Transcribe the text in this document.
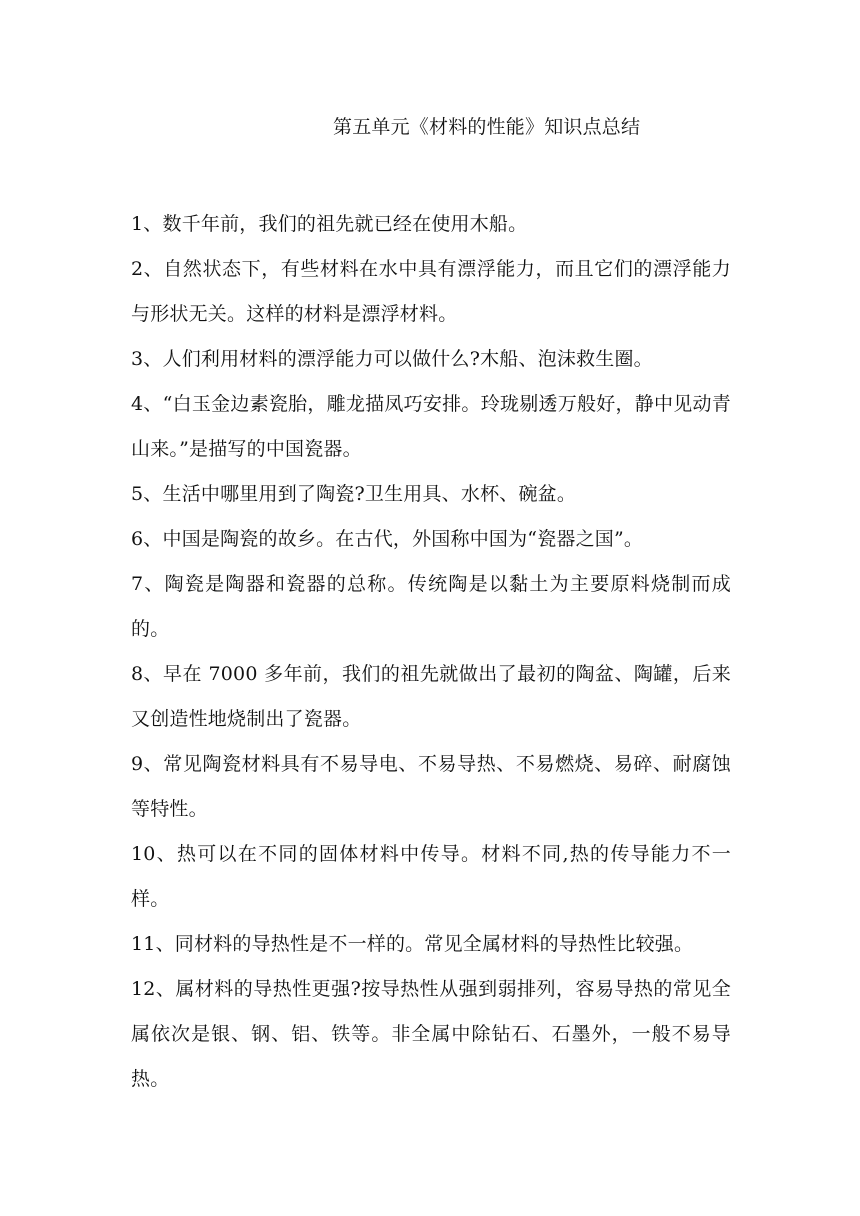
第五单元《材料的性能》知识点总结
1、数千年前，我们的祖先就已经在使用木船。
2、自然状态下，有些材料在水中具有漂浮能力，而且它们的漂浮能力与形状无关。这样的材料是漂浮材料。
3、人们利用材料的漂浮能力可以做什么?木船、泡沫救生圈。
4、“白玉金边素瓷胎，雕龙描凤巧安排。玲珑剔透万般好，静中见动青山来。”是描写的中国瓷器。
5、生活中哪里用到了陶瓷?卫生用具、水杯、碗盆。
6、中国是陶瓷的故乡。在古代，外国称中国为“瓷器之国”。
7、陶瓷是陶器和瓷器的总称。传统陶是以黏土为主要原料烧制而成的。
8、早在 7000 多年前，我们的祖先就做出了最初的陶盆、陶罐，后来又创造性地烧制出了瓷器。
9、常见陶瓷材料具有不易导电、不易导热、不易燃烧、易碎、耐腐蚀等特性。
10、热可以在不同的固体材料中传导。材料不同,热的传导能力不一样。
11、同材料的导热性是不一样的。常见全属材料的导热性比较强。
12、属材料的导热性更强?按导热性从强到弱排列，容易导热的常见全属依次是银、钢、铝、铁等。非全属中除钻石、石墨外，一般不易导热。
